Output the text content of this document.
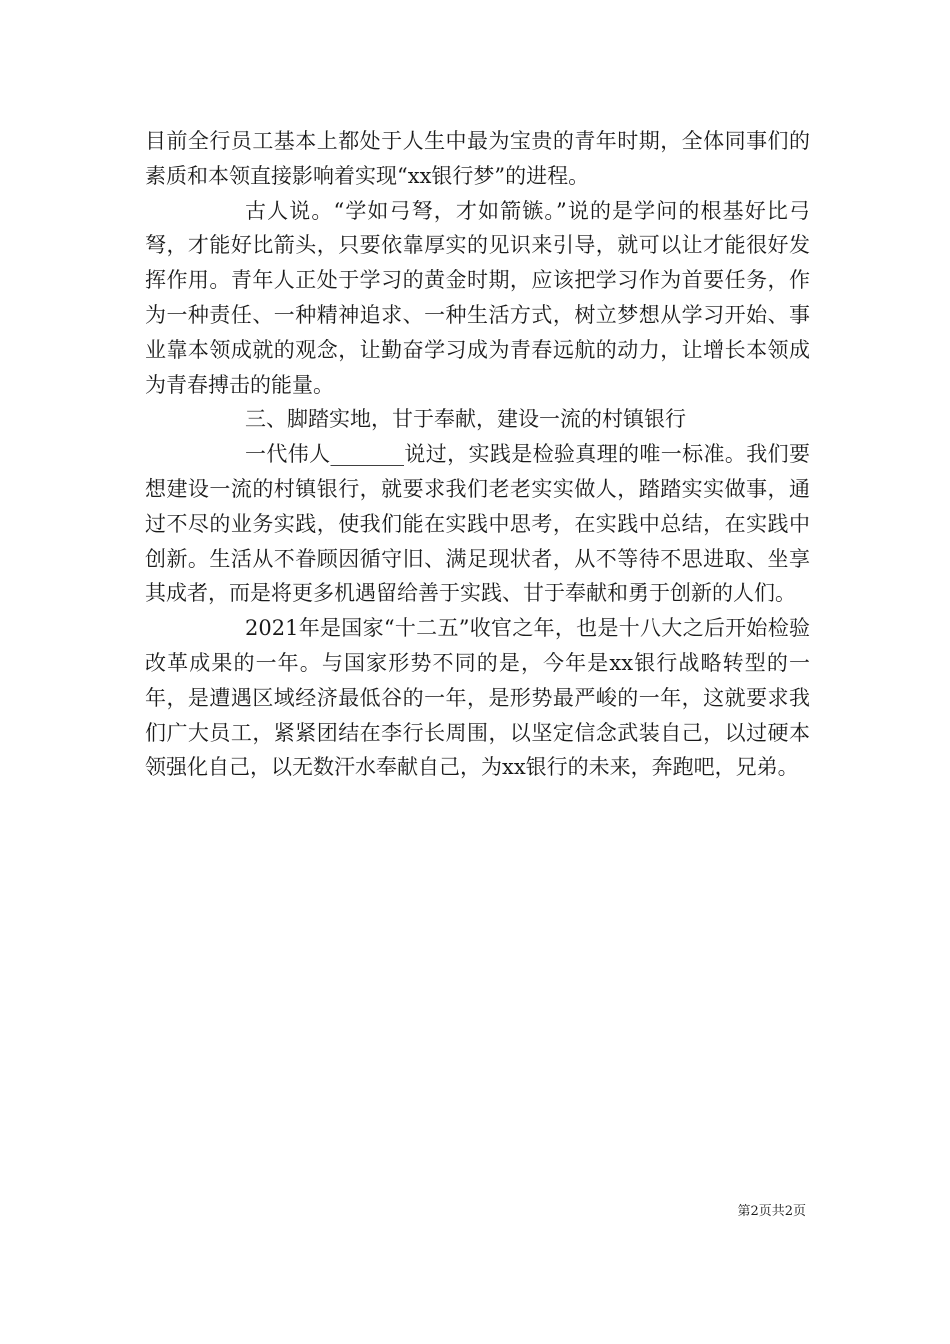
目前全行员工基本上都处于人生中最为宝贵的青年时期，全体同事们的素质和本领直接影响着实现“xx银行梦”的进程。

古人说。“学如弓弩，才如箭镞。”说的是学问的根基好比弓弩，才能好比箭头，只要依靠厚实的见识来引导，就可以让才能很好发挥作用。青年人正处于学习的黄金时期，应该把学习作为首要任务，作为一种责任、一种精神追求、一种生活方式，树立梦想从学习开始、事业靠本领成就的观念，让勤奋学习成为青春远航的动力，让增长本领成为青春搏击的能量。

三、脚踏实地，甘于奉献，建设一流的村镇银行

一代伟人_______说过，实践是检验真理的唯一标准。我们要想建设一流的村镇银行，就要求我们老老实实做人，踏踏实实做事，通过不尽的业务实践，使我们能在实践中思考，在实践中总结，在实践中创新。生活从不眷顾因循守旧、满足现状者，从不等待不思进取、坐享其成者，而是将更多机遇留给善于实践、甘于奉献和勇于创新的人们。

2021年是国家“十二五”收官之年，也是十八大之后开始检验改革成果的一年。与国家形势不同的是，今年是xx银行战略转型的一年，是遭遇区域经济最低谷的一年，是形势最严峻的一年，这就要求我们广大员工，紧紧团结在李行长周围，以坚定信念武装自己，以过硬本领强化自己，以无数汗水奉献自己，为xx银行的未来，奔跑吧，兄弟。

第2页共2页
